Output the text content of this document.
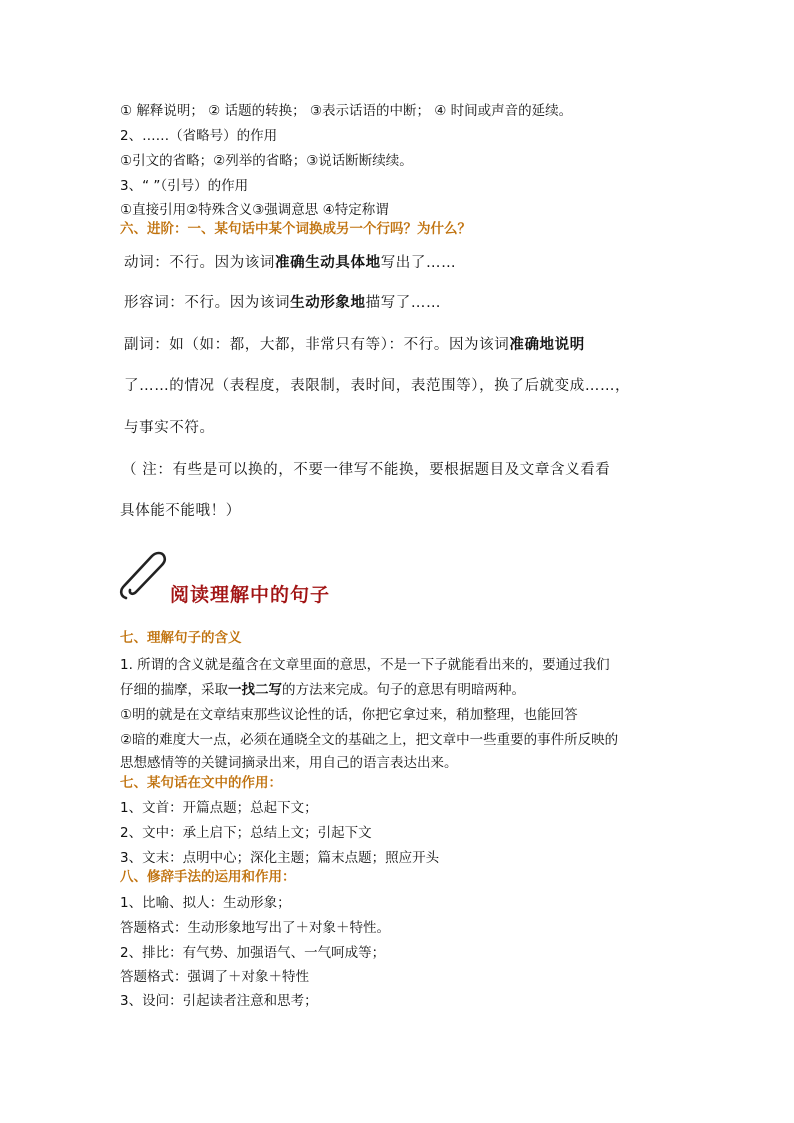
① 解释说明； ② 话题的转换； ③表示话语的中断； ④ 时间或声音的延续。
2、……（省略号）的作用
①引文的省略；②列举的省略；③说话断断续续。
3、“ ”（引号）的作用
①直接引用②特殊含义③强调意思 ④特定称谓
六、进阶：一、某句话中某个词换成另一个行吗？为什么？
动词：不行。因为该词准确生动具体地写出了……
形容词：不行。因为该词生动形象地描写了……
副词：如（如：都，大都，非常只有等）：不行。因为该词准确地说明
了……的情况（表程度，表限制，表时间，表范围等），换了后就变成……，
与事实不符。
（ 注：有些是可以换的，不要一律写不能换，要根据题目及文章含义看看
具体能不能哦！）
阅读理解中的句子
七、理解句子的含义
1. 所谓的含义就是蕴含在文章里面的意思，不是一下子就能看出来的，要通过我们
仔细的揣摩，采取一找二写的方法来完成。句子的意思有明暗两种。
①明的就是在文章结束那些议论性的话，你把它拿过来，稍加整理，也能回答
②暗的难度大一点，必须在通晓全文的基础之上，把文章中一些重要的事件所反映的
思想感情等的关键词摘录出来，用自己的语言表达出来。
七、某句话在文中的作用：
1、文首：开篇点题；总起下文；
2、文中：承上启下；总结上文；引起下文
3、文末：点明中心；深化主题；篇末点题；照应开头
八、修辞手法的运用和作用：
1、比喻、拟人：生动形象；
答题格式：生动形象地写出了＋对象＋特性。
2、排比：有气势、加强语气、一气呵成等；
答题格式：强调了＋对象＋特性
3、设问：引起读者注意和思考；
